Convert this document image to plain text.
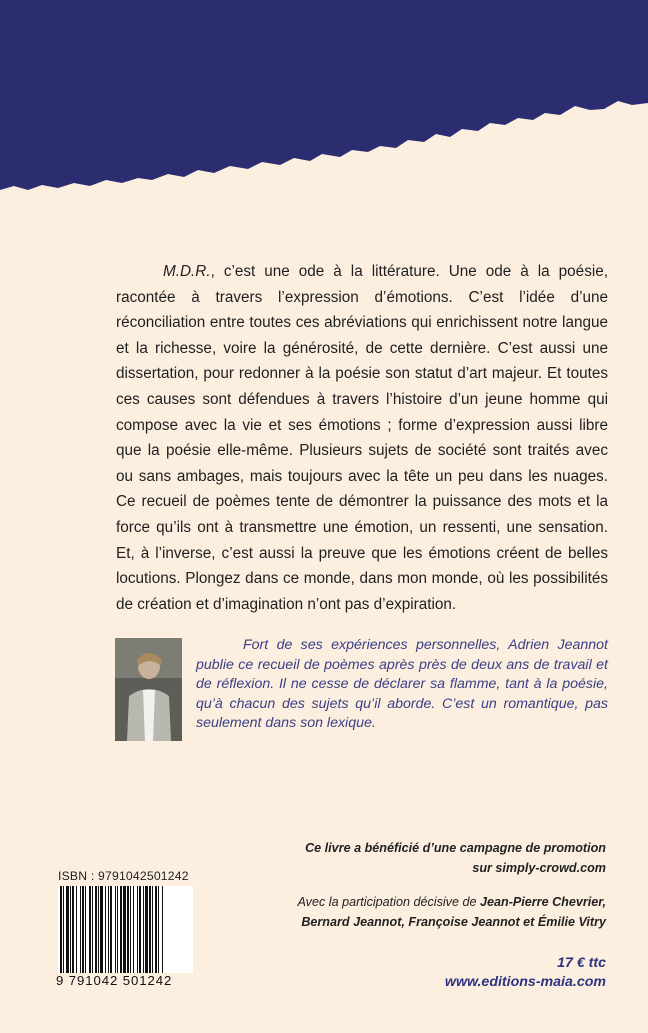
M.D.R., c’est une ode à la littérature. Une ode à la poésie, racontée à travers l’expression d’émotions. C’est l’idée d’une réconciliation entre toutes ces abréviations qui enrichissent notre langue et la richesse, voire la générosité, de cette dernière. C’est aussi une dissertation, pour redonner à la poésie son statut d’art majeur. Et toutes ces causes sont défendues à travers l’histoire d’un jeune homme qui compose avec la vie et ses émotions ; forme d’expression aussi libre que la poésie elle-même. Plusieurs sujets de société sont traités avec ou sans ambages, mais toujours avec la tête un peu dans les nuages. Ce recueil de poèmes tente de démontrer la puissance des mots et la force qu’ils ont à transmettre une émotion, un ressenti, une sensation. Et, à l’inverse, c’est aussi la preuve que les émotions créent de belles locutions. Plongez dans ce monde, dans mon monde, où les possibilités de création et d’imagination n’ont pas d’expiration.

Fort de ses expériences personnelles, Adrien Jeannot publie ce recueil de poèmes après près de deux ans de travail et de réflexion. Il ne cesse de déclarer sa flamme, tant à la poésie, qu’à chacun des sujets qu’il aborde. C’est un romantique, pas seulement dans son lexique.

Ce livre a bénéficié d’une campagne de promotion
sur simply-crowd.com
Avec la participation décisive de Jean-Pierre Chevrier,
Bernard Jeannot, Françoise Jeannot et Émilie Vitry
ISBN : 9791042501242
9 791042 501242
17 € ttc
www.editions-maia.com
